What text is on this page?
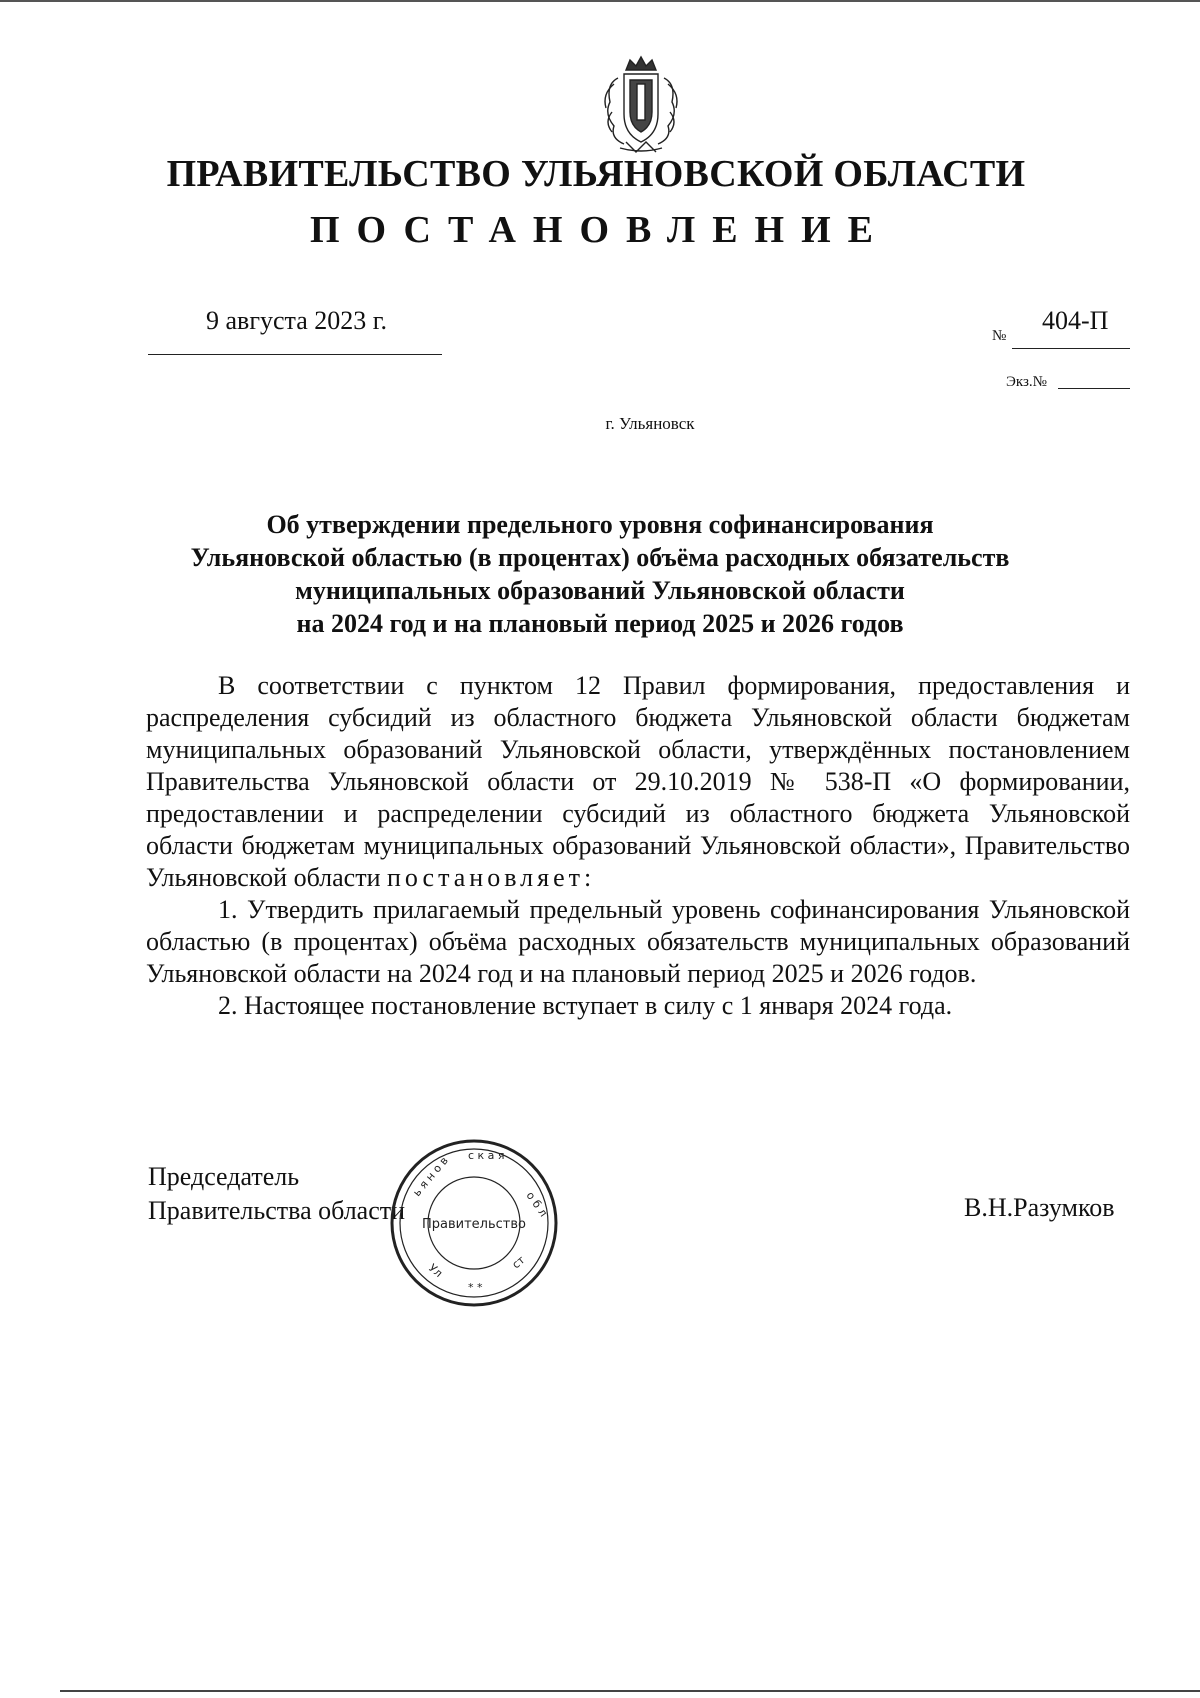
ПРАВИТЕЛЬСТВО УЛЬЯНОВСКОЙ ОБЛАСТИ
ПОСТАНОВЛЕНИЕ
9 августа 2023 г.
№
404-П
Экз.№
г. Ульяновск
Об утверждении предельного уровня софинансирования
Ульяновской областью (в процентах) объёма расходных обязательств
муниципальных образований Ульяновской области
на 2024 год и на плановый период 2025 и 2026 годов

В соответствии с пунктом 12 Правил формирования, предоставления и распределения субсидий из областного бюджета Ульяновской области бюджетам муниципальных образований Ульяновской области, утверждённых постановлением Правительства Ульяновской области от 29.10.2019 № 538-П «О формировании, предоставлении и распределении субсидий из областного бюджета Ульяновской области бюджетам муниципальных образований Ульяновской области», Правительство Ульяновской области постановляет:

1. Утвердить прилагаемый предельный уровень софинансирования Ульяновской областью (в процентах) объёма расходных обязательств муниципальных образований Ульяновской области на 2024 год и на плановый период 2025 и 2026 годов.

2. Настоящее постановление вступает в силу с 1 января 2024 года.

Председатель
Правительства области
с к а я
ь я н о в
о б л
* *
Ул	ст
Правительство
В.Н.Разумков
